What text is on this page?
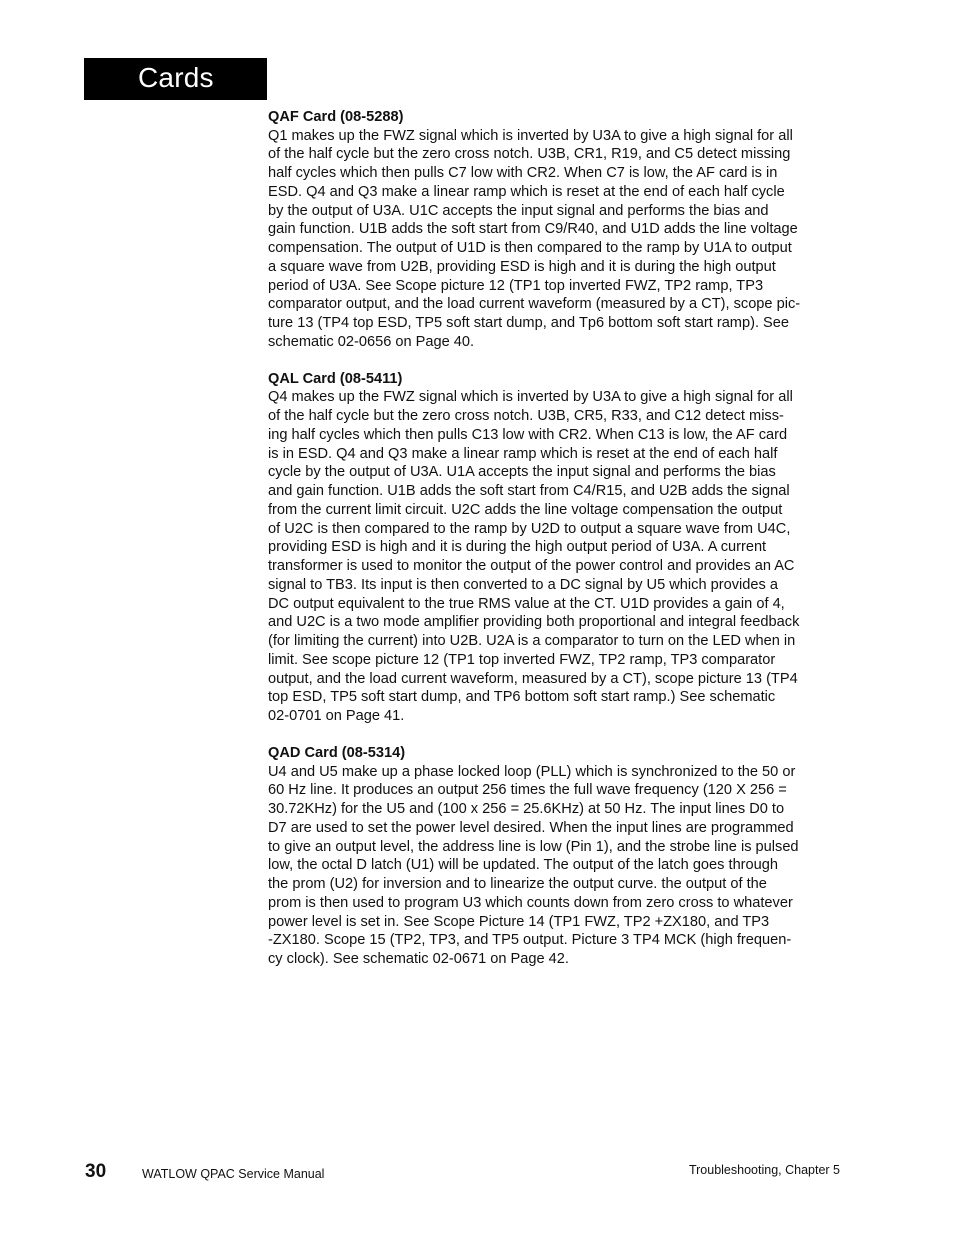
Cards

QAF Card (08-5288)

Q1 makes up the FWZ signal which is inverted by U3A to give a high signal for all
of the half cycle but the zero cross notch. U3B, CR1, R19, and C5 detect missing
half cycles which then pulls C7 low with CR2. When C7 is low, the AF card is in
ESD. Q4 and Q3 make a linear ramp which is reset at the end of each half cycle
by the output of U3A. U1C accepts the input signal and performs the bias and
gain function. U1B adds the soft start from C9/R40, and U1D adds the line voltage
compensation. The output of U1D is then compared to the ramp by U1A to output
a square wave from U2B, providing ESD is high and it is during the high output
period of U3A. See Scope picture 12 (TP1 top inverted FWZ, TP2 ramp, TP3
comparator output, and the load current waveform (measured by a CT), scope pic-
ture 13 (TP4 top ESD, TP5 soft start dump, and Tp6 bottom soft start ramp). See
schematic 02-0656 on Page 40.

QAL Card (08-5411)

Q4 makes up the FWZ signal which is inverted by U3A to give a high signal for all
of the half cycle but the zero cross notch. U3B, CR5, R33, and C12 detect miss-
ing half cycles which then pulls C13 low with CR2. When C13 is low, the AF card
is in ESD. Q4 and Q3 make a linear ramp which is reset at the end of each half
cycle by the output of U3A. U1A accepts the input signal and performs the bias
and gain function. U1B adds the soft start from C4/R15, and U2B adds the signal
from the current limit circuit. U2C adds the line voltage compensation the output
of U2C is then compared to the ramp by U2D to output a square wave from U4C,
providing ESD is high and it is during the high output period of U3A. A current
transformer is used to monitor the output of the power control and provides an AC
signal to TB3. Its input is then converted to a DC signal by U5 which provides a
DC output equivalent to the true RMS value at the CT. U1D provides a gain of 4,
and U2C is a two mode amplifier providing both proportional and integral feedback
(for limiting the current) into U2B. U2A is a comparator to turn on the LED when in
limit. See scope picture 12 (TP1 top inverted FWZ, TP2 ramp, TP3 comparator
output, and the load current waveform, measured by a CT), scope picture 13 (TP4
top ESD, TP5 soft start dump, and TP6 bottom soft start ramp.) See schematic
02-0701 on Page 41.

QAD Card (08-5314)

U4 and U5 make up a phase locked loop (PLL) which is synchronized to the 50 or
60 Hz line. It produces an output 256 times the full wave frequency (120 X 256 =
30.72KHz) for the U5 and (100 x 256 = 25.6KHz) at 50 Hz. The input lines D0 to
D7 are used to set the power level desired. When the input lines are programmed
to give an output level, the address line is low (Pin 1), and the strobe line is pulsed
low, the octal D latch (U1) will be updated. The output of the latch goes through
the prom (U2) for inversion and to linearize the output curve. the output of the
prom is then used to program U3 which counts down from zero cross to whatever
power level is set in. See Scope Picture 14 (TP1 FWZ, TP2 +ZX180, and TP3
-ZX180. Scope 15 (TP2, TP3, and TP5 output. Picture 3 TP4 MCK (high frequen-
cy clock). See schematic 02-0671 on Page 42.

30	WATLOW QPAC Service Manual	Troubleshooting, Chapter 5
